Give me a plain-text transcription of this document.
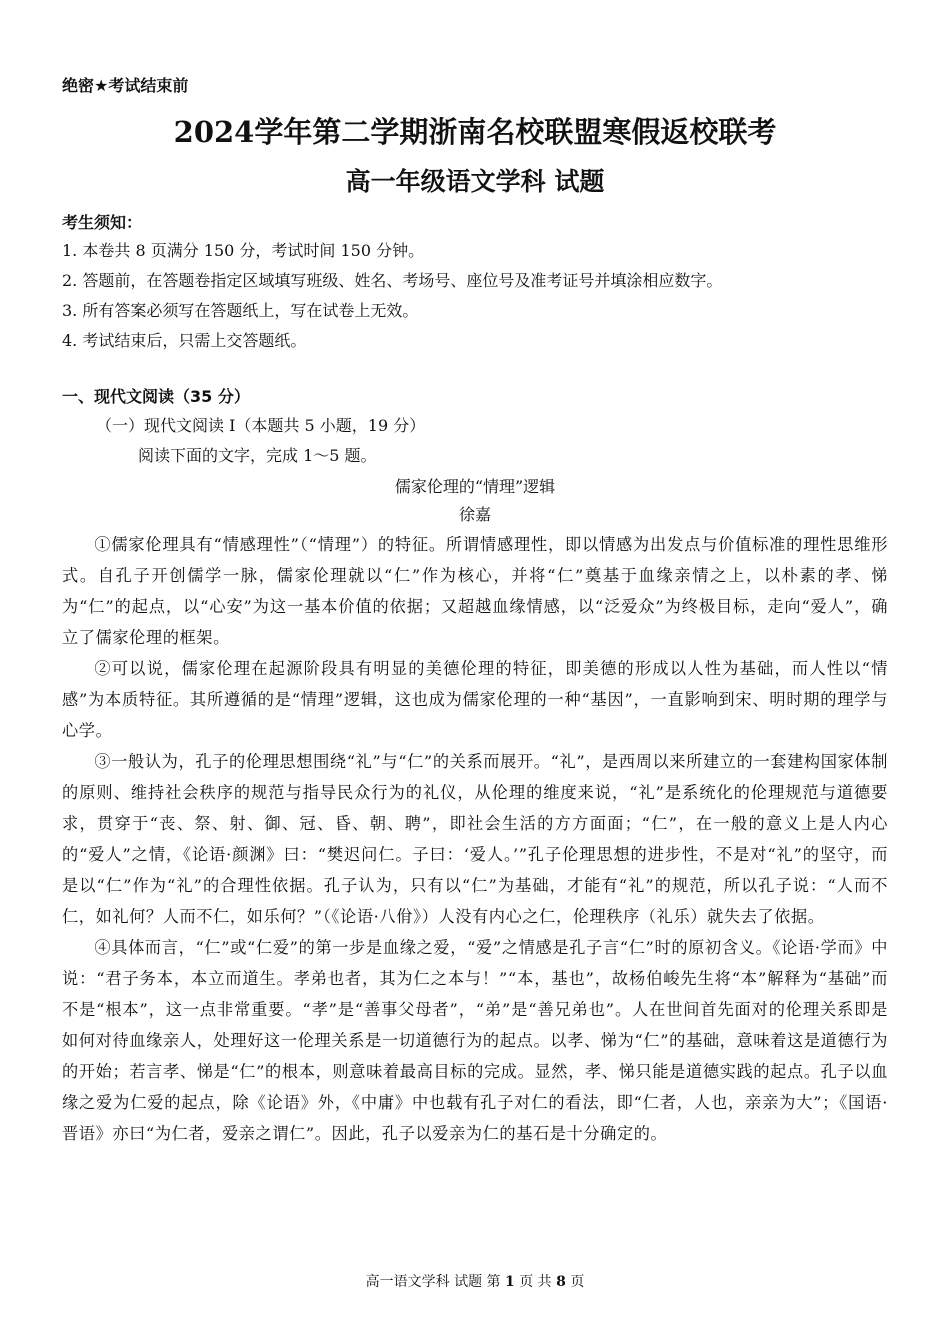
绝密★考试结束前

2024学年第二学期浙南名校联盟寒假返校联考
高一年级语文学科 试题

考生须知：

1. 本卷共 8 页满分 150 分，考试时间 150 分钟。
2. 答题前，在答题卷指定区域填写班级、姓名、考场号、座位号及准考证号并填涂相应数字。
3. 所有答案必须写在答题纸上，写在试卷上无效。
4. 考试结束后，只需上交答题纸。

一、现代文阅读（35 分）

（一）现代文阅读 I（本题共 5 小题，19 分）

阅读下面的文字，完成 1～5 题。

儒家伦理的“情理”逻辑

徐嘉

①儒家伦理具有“情感理性”（“情理”）的特征。所谓情感理性，即以情感为出发点与价值标准的理性思维形式。自孔子开创儒学一脉，儒家伦理就以“仁”作为核心，并将“仁”奠基于血缘亲情之上，以朴素的孝、悌为“仁”的起点，以“心安”为这一基本价值的依据；又超越血缘情感，以“泛爱众”为终极目标，走向“爱人”，确立了儒家伦理的框架。

②可以说，儒家伦理在起源阶段具有明显的美德伦理的特征，即美德的形成以人性为基础，而人性以“情感”为本质特征。其所遵循的是“情理”逻辑，这也成为儒家伦理的一种“基因”，一直影响到宋、明时期的理学与心学。

③一般认为，孔子的伦理思想围绕“礼”与“仁”的关系而展开。“礼”，是西周以来所建立的一套建构国家体制的原则、维持社会秩序的规范与指导民众行为的礼仪，从伦理的维度来说，“礼”是系统化的伦理规范与道德要求，贯穿于“丧、祭、射、御、冠、昏、朝、聘”，即社会生活的方方面面；“仁”，在一般的意义上是人内心的“爱人”之情，《论语·颜渊》曰：“樊迟问仁。子曰：‘爱人。’”孔子伦理思想的进步性，不是对“礼”的坚守，而是以“仁”作为“礼”的合理性依据。孔子认为，只有以“仁”为基础，才能有“礼”的规范，所以孔子说：“人而不仁，如礼何？人而不仁，如乐何？”（《论语·八佾》）人没有内心之仁，伦理秩序（礼乐）就失去了依据。

④具体而言，“仁”或“仁爱”的第一步是血缘之爱，“爱”之情感是孔子言“仁”时的原初含义。《论语·学而》中说：“君子务本，本立而道生。孝弟也者，其为仁之本与！”“本，基也”，故杨伯峻先生将“本”解释为“基础”而不是“根本”，这一点非常重要。“孝”是“善事父母者”，“弟”是“善兄弟也”。人在世间首先面对的伦理关系即是如何对待血缘亲人，处理好这一伦理关系是一切道德行为的起点。以孝、悌为“仁”的基础，意味着这是道德行为的开始；若言孝、悌是“仁”的根本，则意味着最高目标的完成。显然，孝、悌只能是道德实践的起点。孔子以血缘之爱为仁爱的起点，除《论语》外，《中庸》中也载有孔子对仁的看法，即“仁者，人也，亲亲为大”；《国语·晋语》亦曰“为仁者，爱亲之谓仁”。因此，孔子以爱亲为仁的基石是十分确定的。

高一语文学科 试题 第 1 页 共 8 页
